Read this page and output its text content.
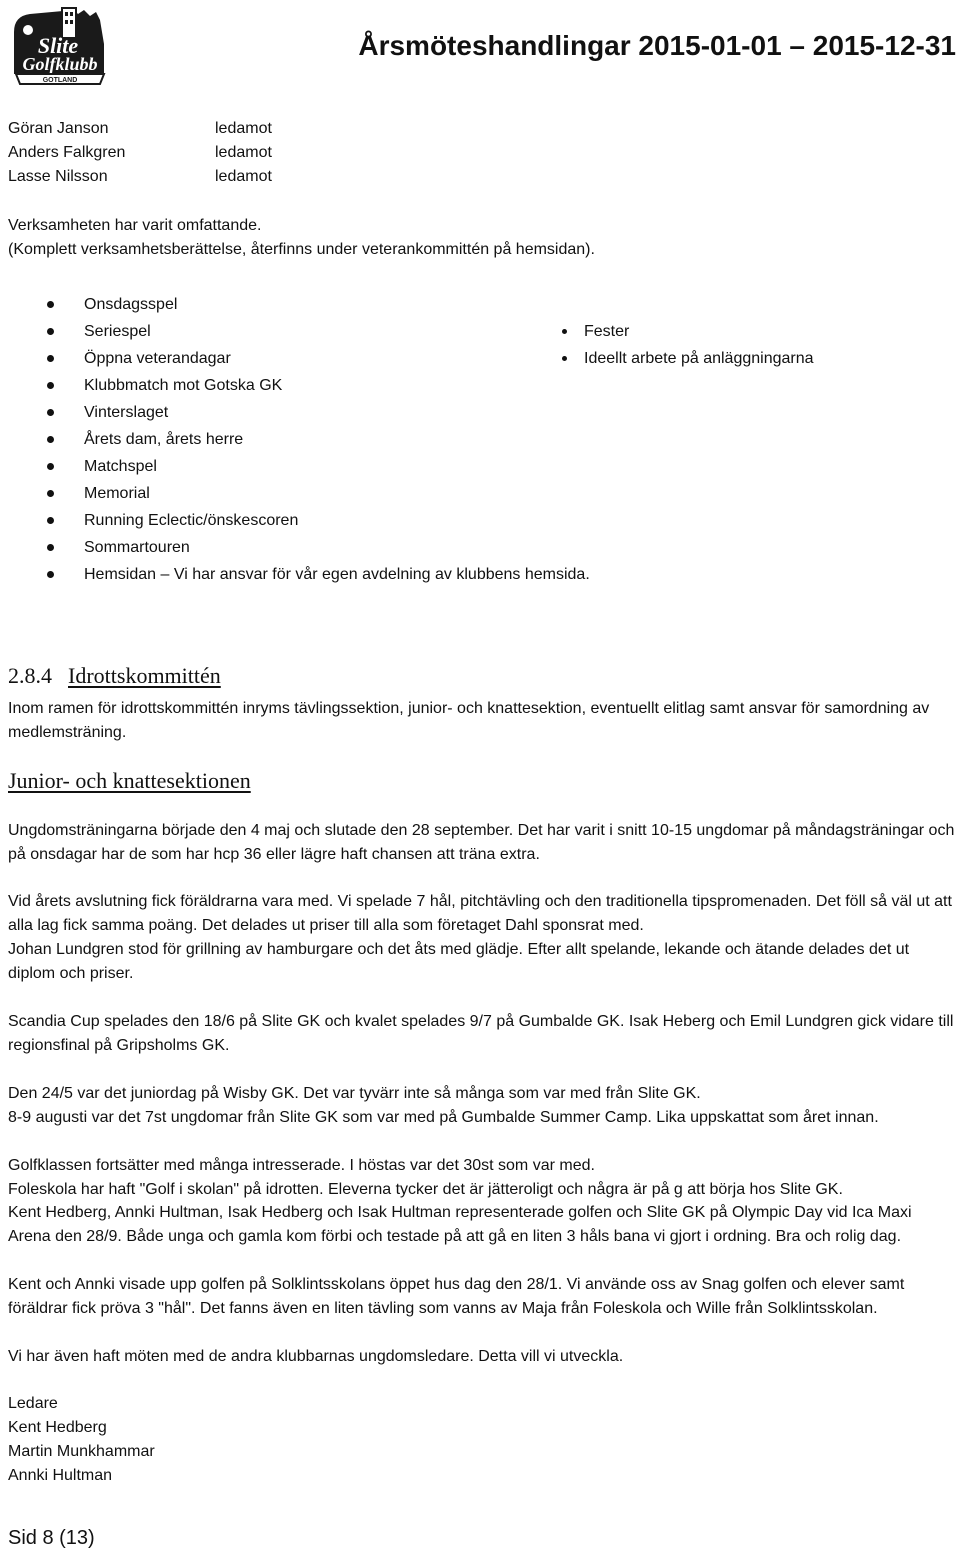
Slite
Golfklubb
GOTLAND
Årsmöteshandlingar 2015-01-01 – 2015-12-31
Göran Janson	ledamot
Anders Falkgren	ledamot
Lasse Nilsson	ledamot
Verksamheten har varit omfattande.
(Komplett verksamhetsberättelse, återfinns under veterankommittén på hemsidan).
Onsdagsspel
Seriespel
Öppna veterandagar
Klubbmatch mot Gotska GK
Vinterslaget
Årets dam, årets herre
Matchspel
Memorial
Running Eclectic/önskescoren
Sommartouren
Hemsidan – Vi har ansvar för vår egen avdelning av klubbens hemsida.
Fester
Ideellt arbete på anläggningarna
2.8.4 Idrottskommittén
Inom ramen för idrottskommittén inryms tävlingssektion, junior- och knattesektion, eventuellt elitlag samt ansvar för samordning av medlemsträning.
Junior- och knattesektionen
Ungdomsträningarna började den 4 maj och slutade den 28 september. Det har varit i snitt 10-15 ungdomar på måndagsträningar och på onsdagar har de som har hcp 36 eller lägre haft chansen att träna extra.
Vid årets avslutning fick föräldrarna vara med. Vi spelade 7 hål, pitchtävling och den traditionella tipspromenaden. Det föll så väl ut att alla lag fick samma poäng. Det delades ut priser till alla som företaget Dahl sponsrat med.
Johan Lundgren stod för grillning av hamburgare och det åts med glädje. Efter allt spelande, lekande och ätande delades det ut diplom och priser.
Scandia Cup spelades den 18/6 på Slite GK och kvalet spelades 9/7 på Gumbalde GK. Isak Heberg och Emil Lundgren gick vidare till regionsfinal på Gripsholms GK.
Den 24/5 var det juniordag på Wisby GK. Det var tyvärr inte så många som var med från Slite GK.
8-9 augusti var det 7st ungdomar från Slite GK som var med på Gumbalde Summer Camp. Lika uppskattat som året innan.
Golfklassen fortsätter med många intresserade. I höstas var det 30st som var med.
Foleskola har haft "Golf i skolan" på idrotten. Eleverna tycker det är jätteroligt och några är på g att börja hos Slite GK.
Kent Hedberg, Annki Hultman, Isak Hedberg och Isak Hultman representerade golfen och Slite GK på Olympic Day vid Ica Maxi Arena den 28/9. Både unga och gamla kom förbi och testade på att gå en liten 3 håls bana vi gjort i ordning. Bra och rolig dag.
Kent och Annki visade upp golfen på Solklintsskolans öppet hus dag den 28/1. Vi använde oss av Snag golfen och elever samt föräldrar fick pröva 3 "hål". Det fanns även en liten tävling som vanns av Maja från Foleskola och Wille från Solklintsskolan.
Vi har även haft möten med de andra klubbarnas ungdomsledare. Detta vill vi utveckla.
Ledare
Kent Hedberg
Martin Munkhammar
Annki Hultman
Sid 8 (13)
